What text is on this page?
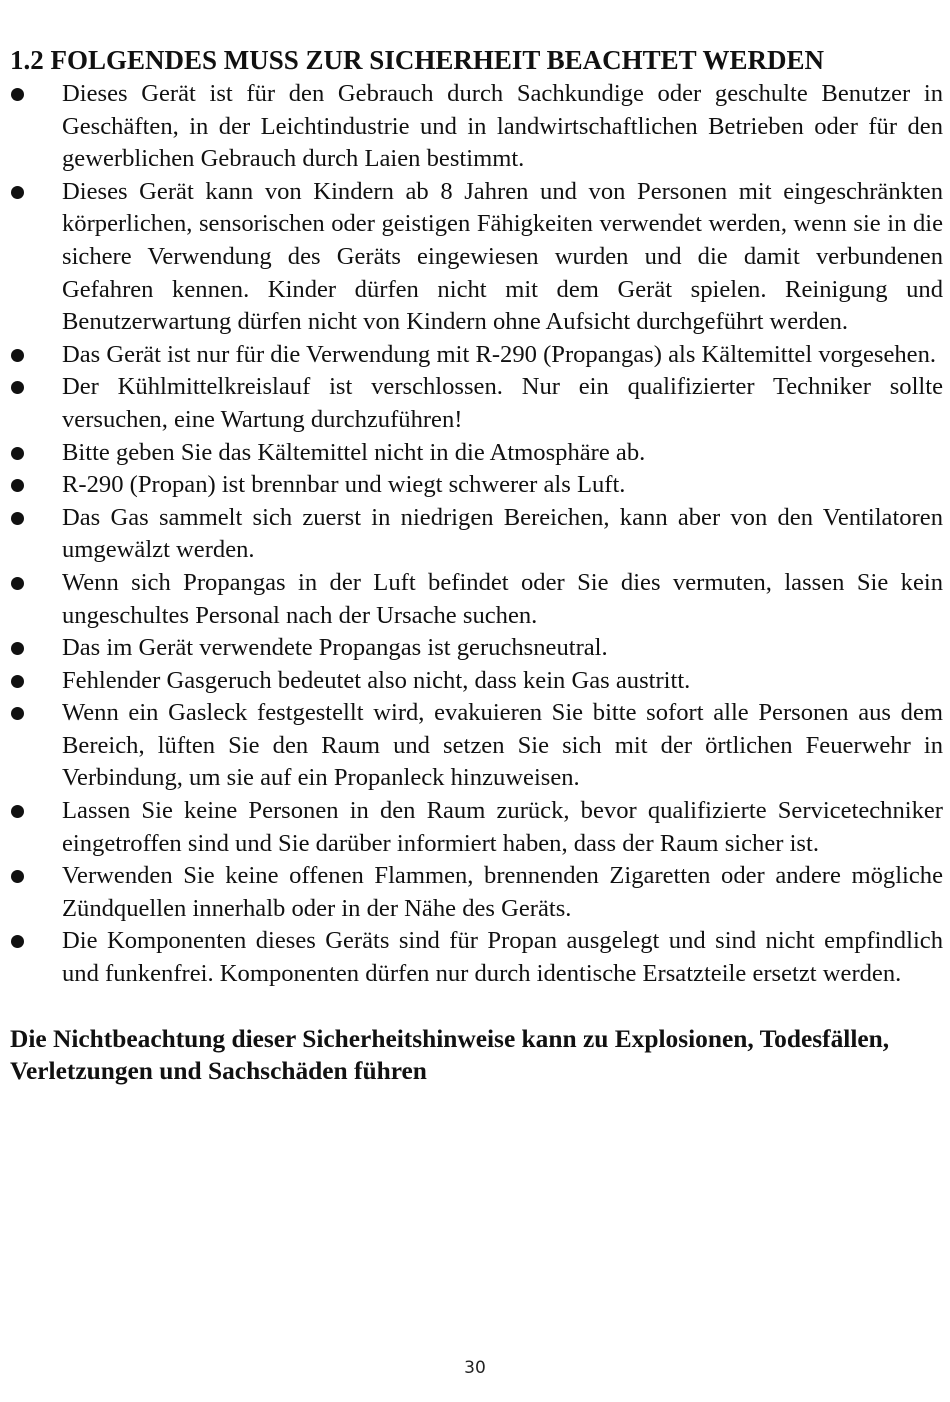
1.2 FOLGENDES MUSS ZUR SICHERHEIT BEACHTET WERDEN
Dieses Gerät ist für den Gebrauch durch Sachkundige oder geschulte Benutzer in Geschäften, in der Leichtindustrie und in landwirtschaftlichen Betrieben oder für den gewerblichen Gebrauch durch Laien bestimmt.
Dieses Gerät kann von Kindern ab 8 Jahren und von Personen mit eingeschränkten körperlichen, sensorischen oder geistigen Fähigkeiten verwendet werden, wenn sie in die sichere Verwendung des Geräts eingewiesen wurden und die damit verbundenen Gefahren kennen. Kinder dürfen nicht mit dem Gerät spielen. Reinigung und Benutzerwartung dürfen nicht von Kindern ohne Aufsicht durchgeführt werden.
Das Gerät ist nur für die Verwendung mit R-290 (Propangas) als Kältemittel vorgesehen.
Der Kühlmittelkreislauf ist verschlossen. Nur ein qualifizierter Techniker sollte versuchen, eine Wartung durchzuführen!
Bitte geben Sie das Kältemittel nicht in die Atmosphäre ab.
R-290 (Propan) ist brennbar und wiegt schwerer als Luft.
Das Gas sammelt sich zuerst in niedrigen Bereichen, kann aber von den Ventilatoren umgewälzt werden.
Wenn sich Propangas in der Luft befindet oder Sie dies vermuten, lassen Sie kein ungeschultes Personal nach der Ursache suchen.
Das im Gerät verwendete Propangas ist geruchsneutral.
Fehlender Gasgeruch bedeutet also nicht, dass kein Gas austritt.
Wenn ein Gasleck festgestellt wird, evakuieren Sie bitte sofort alle Personen aus dem Bereich, lüften Sie den Raum und setzen Sie sich mit der örtlichen Feuerwehr in Verbindung, um sie auf ein Propanleck hinzuweisen.
Lassen Sie keine Personen in den Raum zurück, bevor qualifizierte Servicetechniker eingetroffen sind und Sie darüber informiert haben, dass der Raum sicher ist.
Verwenden Sie keine offenen Flammen, brennenden Zigaretten oder andere mögliche Zündquellen innerhalb oder in der Nähe des Geräts.
Die Komponenten dieses Geräts sind für Propan ausgelegt und sind nicht empfindlich und funkenfrei. Komponenten dürfen nur durch identische Ersatzteile ersetzt werden.
Die Nichtbeachtung dieser Sicherheitshinweise kann zu Explosionen, Todesfällen, Verletzungen und Sachschäden führen
30
